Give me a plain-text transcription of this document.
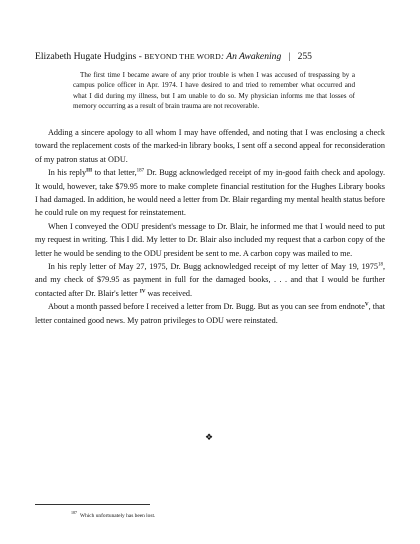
Elizabeth Hugate Hudgins - BEYOND THE WORD: An Awakening | 255

The first time I became aware of any prior trouble is when I was accused of trespassing by a campus police officer in Apr. 1974. I have desired to and tried to remember what occurred and what I did during my illness, but I am unable to do so. My physician informs me that losses of memory occurring as a result of brain trauma are not recoverable.

Adding a sincere apology to all whom I may have offended, and noting that I was enclosing a check toward the replacement costs of the marked-in library books, I sent off a second appeal for reconsideration of my patron status at ODU.

In his reply$^{III}$ to that letter,$^{187}$ Dr. Bugg acknowledged receipt of my in-good faith check and apology. It would, however, take $79.95 more to make complete financial restitution for the Hughes Library books I had damaged. In addition, he would need a letter from Dr. Blair regarding my mental health status before he could rule on my request for reinstatement.

When I conveyed the ODU president's message to Dr. Blair, he informed me that I would need to put my request in writing. This I did. My letter to Dr. Blair also included my request that a carbon copy of the letter he would be sending to the ODU president be sent to me. A carbon copy was mailed to me.

In his reply letter of May 27, 1975, Dr. Bugg acknowledged receipt of my letter of May 19, 1975$^{18}$, and my check of $79.95 as payment in full for the damaged books, . . . and that I would be further contacted after Dr. Blair's letter $^{IV}$ was received.

About a month passed before I received a letter from Dr. Bugg. But as you can see from endnote$^V$, that letter contained good news. My patron privileges to ODU were reinstated.

❖
$^{187}$Which unfortunately has been lost.
